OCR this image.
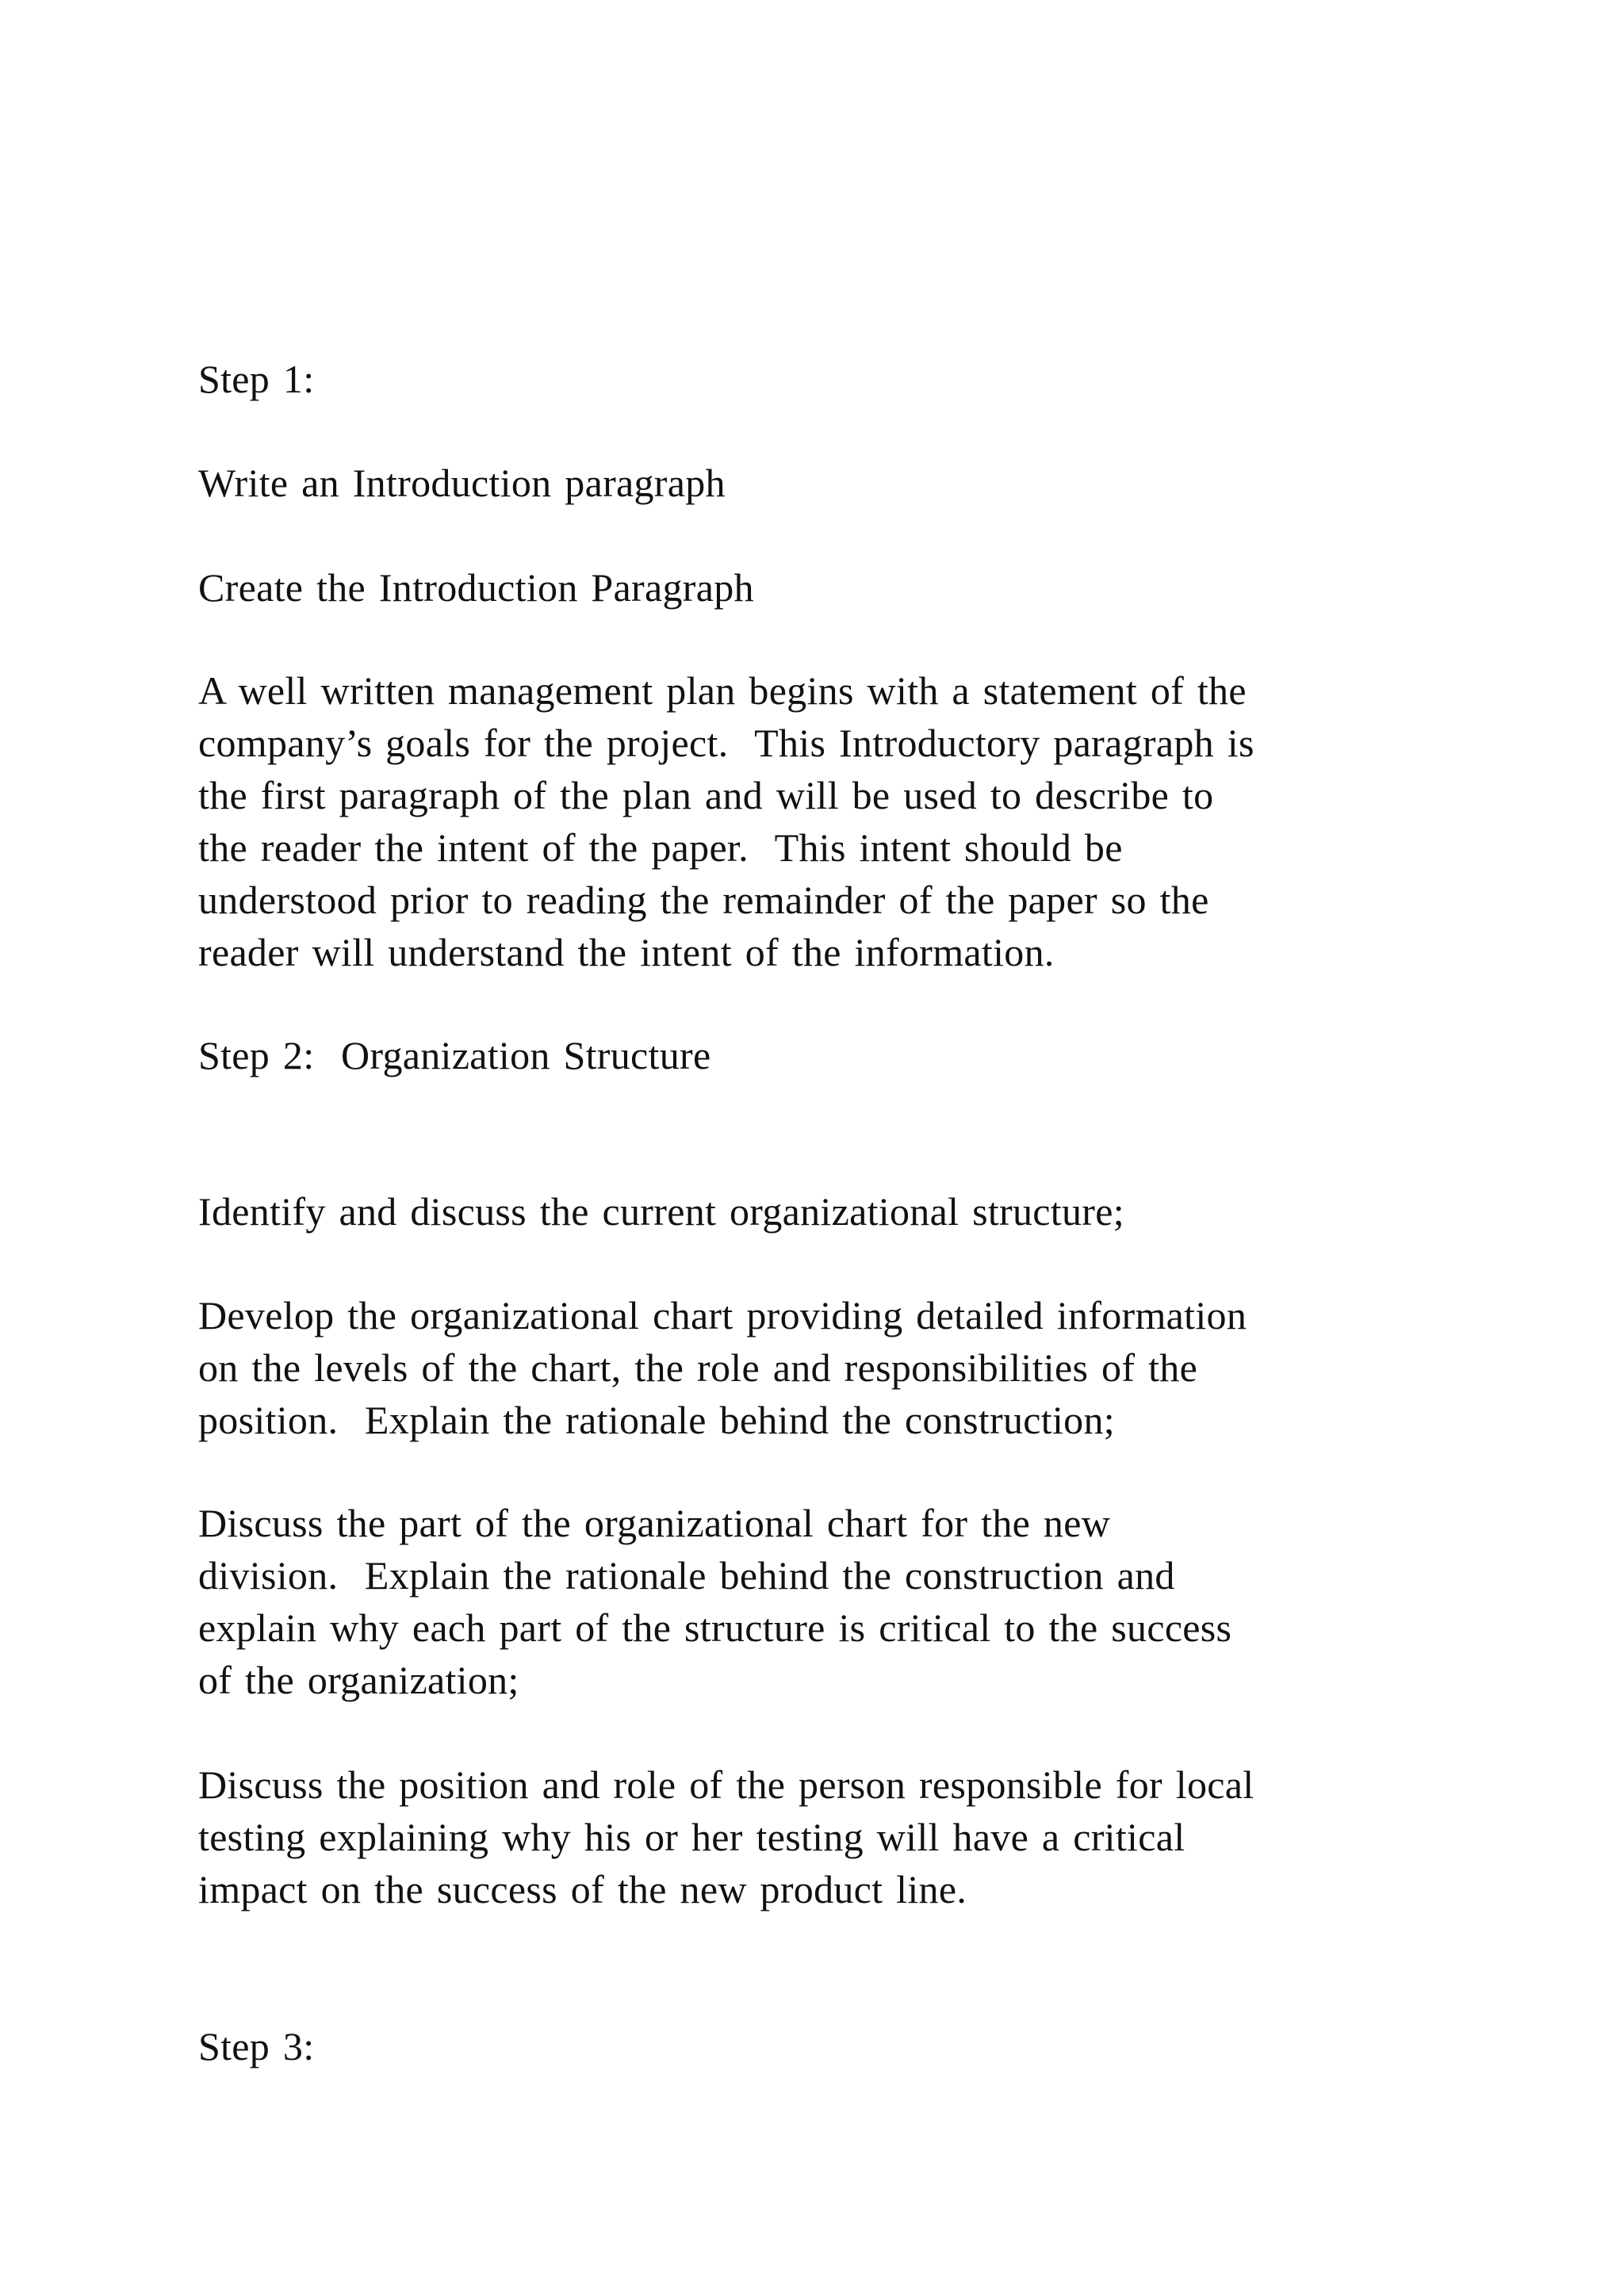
Step 1:

Write an Introduction paragraph

Create the Introduction Paragraph

A well written management plan begins with a statement of the
company’s goals for the project.  This Introductory paragraph is
the first paragraph of the plan and will be used to describe to
the reader the intent of the paper.  This intent should be
understood prior to reading the remainder of the paper so the
reader will understand the intent of the information.

Step 2:  Organization Structure

Identify and discuss the current organizational structure;

Develop the organizational chart providing detailed information
on the levels of the chart, the role and responsibilities of the
position.  Explain the rationale behind the construction;

Discuss the part of the organizational chart for the new
division.  Explain the rationale behind the construction and
explain why each part of the structure is critical to the success
of the organization;

Discuss the position and role of the person responsible for local
testing explaining why his or her testing will have a critical
impact on the success of the new product line.

Step 3:
